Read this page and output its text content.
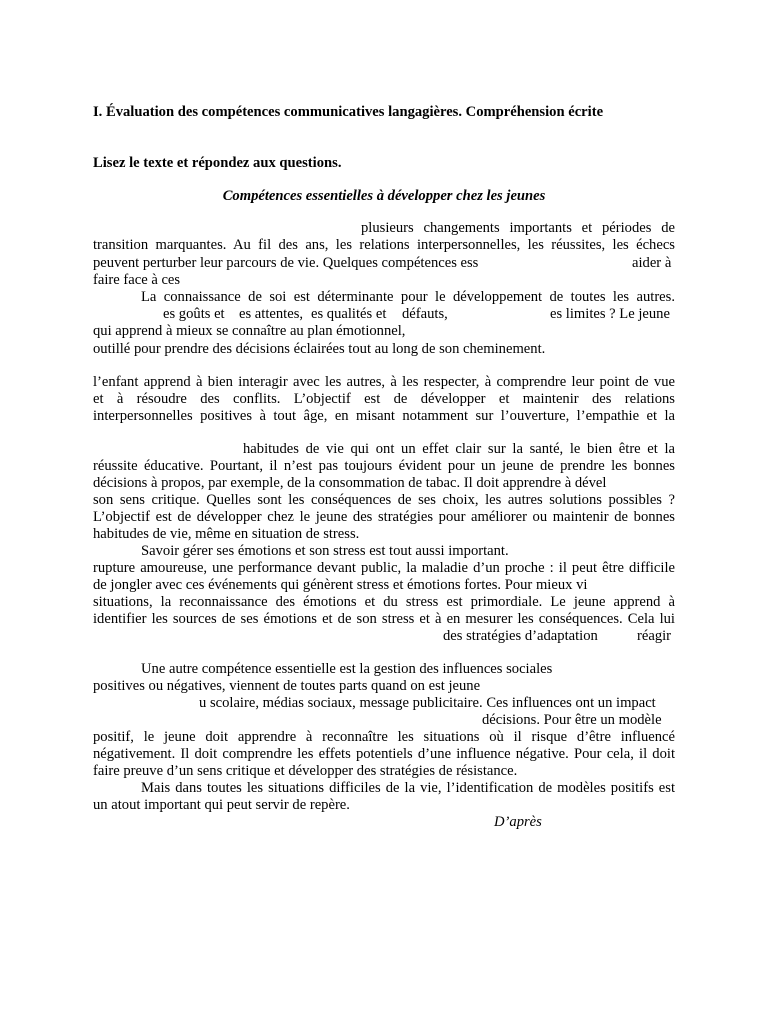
I. Évaluation des compétences communicatives langagières. Compréhension écrite
Lisez le texte et répondez aux questions.
Compétences essentielles à développer chez les jeunes
plusieurs changements importants et périodes de
transition marquantes. Au fil des ans, les relations interpersonnelles, les réussites, les échecs
peuvent perturber leur parcours de vie. Quelques compétences ess	aider à
faire face à ces
La connaissance de soi est déterminante pour le développement de toutes les autres.
es goûts et es attentes, es qualités et défauts,	es limites ? Le jeune
qui apprend à mieux se connaître au plan émotionnel,
outillé pour prendre des décisions éclairées tout au long de son cheminement.
l’enfant apprend à bien interagir avec les autres, à les respecter, à comprendre leur point de vue
et à résoudre des conflits. L’objectif est de développer et maintenir des relations
interpersonnelles positives à tout âge, en misant notamment sur l’ouverture, l’empathie et la
habitudes de vie qui ont un effet clair sur la santé, le bien être et la
réussite éducative. Pourtant, il n’est pas toujours évident pour un jeune de prendre les bonnes
décisions à propos, par exemple, de la consommation de tabac. Il doit apprendre à dével
son sens critique. Quelles sont les conséquences de ses choix, les autres solutions possibles ?
L’objectif est de développer chez le jeune des stratégies pour améliorer ou maintenir de bonnes
habitudes de vie, même en situation de stress.
Savoir gérer ses émotions et son stress est tout aussi important.
rupture amoureuse, une performance devant public, la maladie d’un proche : il peut être difficile
de jongler avec ces événements qui génèrent stress et émotions fortes. Pour mieux vi
situations, la reconnaissance des émotions et du stress est primordiale. Le jeune apprend à
identifier les sources de ses émotions et de son stress et à en mesurer les conséquences. Cela lui
des stratégies d’adaptation	réagir
Une autre compétence essentielle est la gestion des influences sociales
positives ou négatives, viennent de toutes parts quand on est jeune
u scolaire, médias sociaux, message publicitaire. Ces influences ont un impact
décisions. Pour être un modèle
positif, le jeune doit apprendre à reconnaître les situations où il risque d’être influencé
négativement. Il doit comprendre les effets potentiels d’une influence négative. Pour cela, il doit
faire preuve d’un sens critique et développer des stratégies de résistance.
Mais dans toutes les situations difficiles de la vie, l’identification de modèles positifs est
un atout important qui peut servir de repère.
D’après
